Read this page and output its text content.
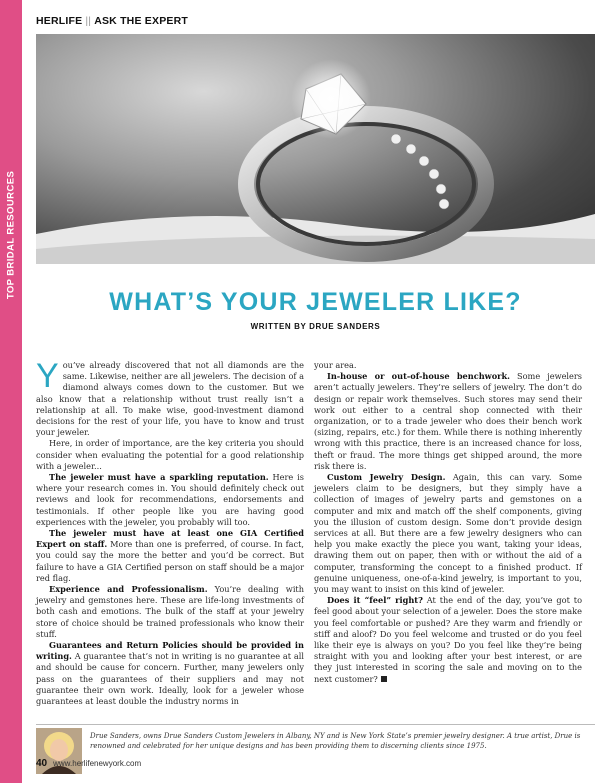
TOP BRIDAL RESOURCES
HERLIFE || ASK THE EXPERT
WHAT’S YOUR JEWELER LIKE?
WRITTEN BY DRUE SANDERS

You’ve already discovered that not all diamonds are the same. Likewise, neither are all jewelers. The decision of a diamond always comes down to the customer. But we also know that a relationship without trust really isn’t a relationship at all. To make wise, good-investment diamond decisions for the rest of your life, you have to know and trust your jeweler.

Here, in order of importance, are the key criteria you should consider when evaluating the potential for a good relationship with a jeweler...

The jeweler must have a sparkling reputation. Here is where your research comes in. You should definitely check out reviews and look for recommendations, endorsements and testimonials. If other people like you are having good experiences with the jeweler, you probably will too.

The jeweler must have at least one GIA Certified Expert on staff. More than one is preferred, of course. In fact, you could say the more the better and you’d be correct. But failure to have a GIA Certified person on staff should be a major red flag.

Experience and Professionalism. You’re dealing with jewelry and gemstones here. These are life-long investments of both cash and emotions. The bulk of the staff at your jewelry store of choice should be trained professionals who know their stuff.

Guarantees and Return Policies should be provided in writing. A guarantee that’s not in writing is no guarantee at all and should be cause for concern. Further, many jewelers only pass on the guarantees of their suppliers and may not guarantee their own work. Ideally, look for a jeweler whose guarantees at least double the industry norms in

your area.

In-house or out-of-house benchwork. Some jewelers aren’t actually jewelers. They’re sellers of jewelry. The don’t do design or repair work themselves. Such stores may send their work out either to a central shop connected with their organization, or to a trade jeweler who does their bench work (sizing, repairs, etc.) for them. While there is nothing inherently wrong with this practice, there is an increased chance for loss, theft or fraud. The more things get shipped around, the more risk there is.

Custom Jewelry Design. Again, this can vary. Some jewelers claim to be designers, but they simply have a collection of images of jewelry parts and gemstones on a computer and mix and match off the shelf components, giving you the illusion of custom design. Some don’t provide design services at all. But there are a few jewelry designers who can help you make exactly the piece you want, taking your ideas, drawing them out on paper, then with or without the aid of a computer, transforming the concept to a finished product. If genuine uniqueness, one-of-a-kind jewelry, is important to you, you may want to insist on this kind of jeweler.

Does it “feel” right? At the end of the day, you’ve got to feel good about your selection of a jeweler. Does the store make you feel comfortable or pushed? Are they warm and friendly or stiff and aloof? Do you feel welcome and trusted or do you feel like their eye is always on you? Do you feel like they’re being straight with you and looking after your best interest, or are they just interested in scoring the sale and moving on to the next customer?

Drue Sanders, owns Drue Sanders Custom Jewelers in Albany, NY and is New York State’s premier jewelry designer. A true artist, Drue is renowned and celebrated for her unique designs and has been providing them to discerning clients since 1975.
40 www.herlifenewyork.com
